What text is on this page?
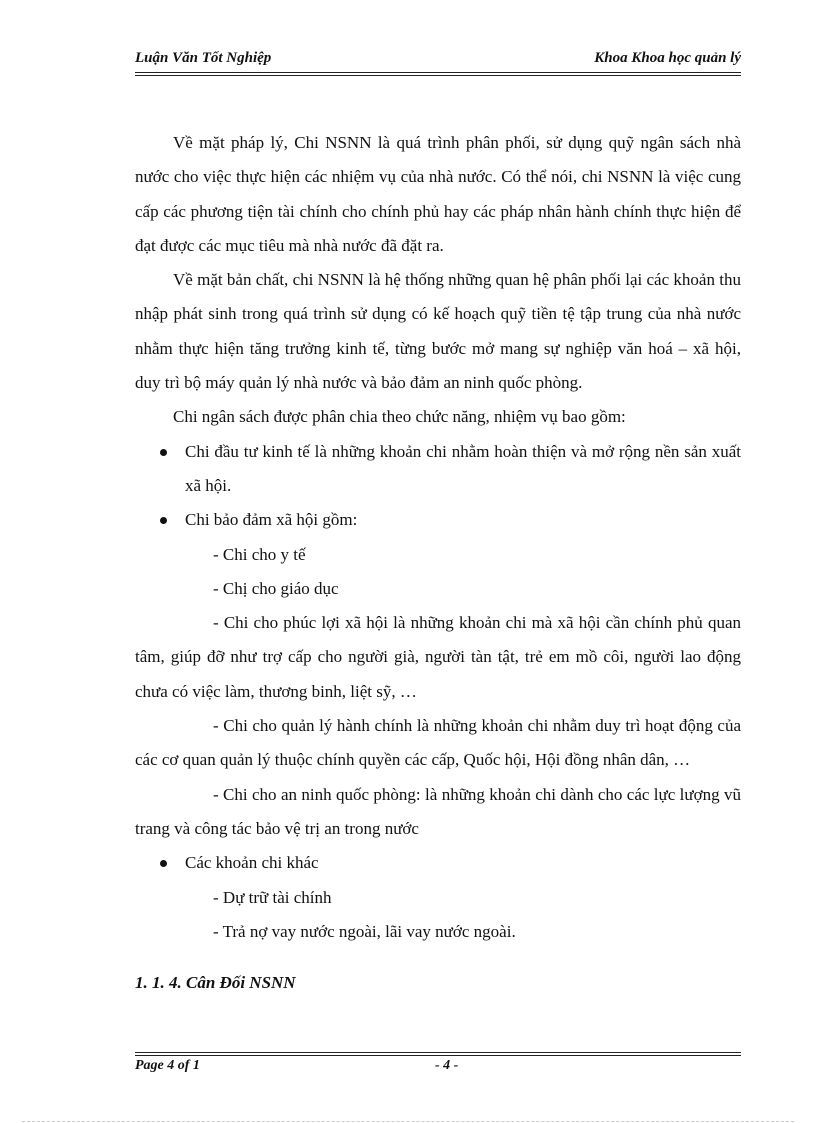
Luận Văn Tốt Nghiệp	Khoa Khoa học quản lý

Về mặt pháp lý, Chi NSNN là quá trình phân phối, sử dụng quỹ ngân sách nhà nước cho việc thực hiện các nhiệm vụ của nhà nước. Có thể nói, chi NSNN là việc cung cấp các phương tiện tài chính cho chính phủ hay các pháp nhân hành chính thực hiện để đạt được các mục tiêu mà nhà nước đã đặt ra.

Về mặt bản chất, chi NSNN là hệ thống những quan hệ phân phối lại các khoản thu nhập phát sinh trong quá trình sử dụng có kế hoạch quỹ tiền tệ tập trung của nhà nước nhằm thực hiện tăng trưởng kinh tế, từng bước mở mang sự nghiệp văn hoá – xã hội, duy trì bộ máy quản lý nhà nước và bảo đảm an ninh quốc phòng.

Chi ngân sách được phân chia theo chức năng, nhiệm vụ bao gồm:

Chi đầu tư kinh tế là những khoản chi nhằm hoàn thiện và mở rộng nền sản xuất xã hội.
Chi bảo đảm xã hội gồm:
- Chi cho y tế
- Chị cho giáo dục

- Chi cho phúc lợi xã hội là những khoản chi mà xã hội cần chính phủ quan tâm, giúp đỡ như trợ cấp cho người già, người tàn tật, trẻ em mồ côi, người lao động chưa có việc làm, thương binh, liệt sỹ, …

- Chi cho quản lý hành chính là những khoản chi nhằm duy trì hoạt động của các cơ quan quản lý thuộc chính quyền các cấp, Quốc hội, Hội đồng nhân dân, …

- Chi cho an ninh quốc phòng: là những khoản chi dành cho các lực lượng vũ trang và công tác bảo vệ trị an trong nước

Các khoản chi khác
- Dự trữ tài chính
- Trả nợ vay nước ngoài, lãi vay nước ngoài.
1. 1. 4. Cân Đối NSNN
Page 4 of 1	- 4 -
